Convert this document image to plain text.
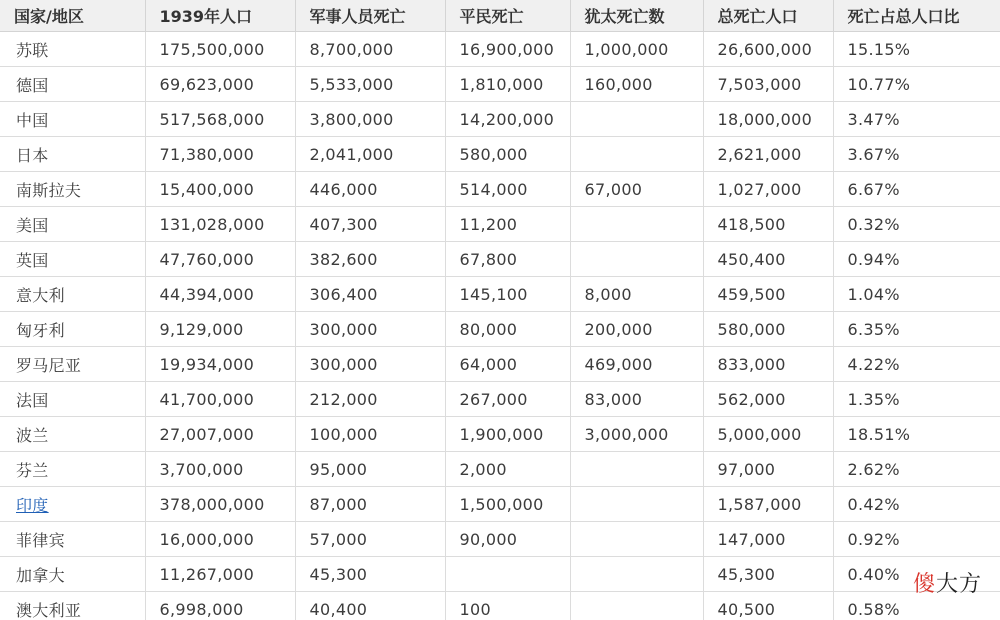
国家/地区	1939年人口	军事人员死亡	平民死亡	犹太死亡数	总死亡人口	死亡占总人口比
苏联	175,500,000	8,700,000	16,900,000	1,000,000	26,600,000	15.15%
德国	69,623,000	5,533,000	1,810,000	160,000	7,503,000	10.77%
中国	517,568,000	3,800,000	14,200,000		18,000,000	3.47%
日本	71,380,000	2,041,000	580,000		2,621,000	3.67%
南斯拉夫	15,400,000	446,000	514,000	67,000	1,027,000	6.67%
美国	131,028,000	407,300	11,200		418,500	0.32%
英国	47,760,000	382,600	67,800		450,400	0.94%
意大利	44,394,000	306,400	145,100	8,000	459,500	1.04%
匈牙利	9,129,000	300,000	80,000	200,000	580,000	6.35%
罗马尼亚	19,934,000	300,000	64,000	469,000	833,000	4.22%
法国	41,700,000	212,000	267,000	83,000	562,000	1.35%
波兰	27,007,000	100,000	1,900,000	3,000,000	5,000,000	18.51%
芬兰	3,700,000	95,000	2,000		97,000	2.62%
印度	378,000,000	87,000	1,500,000		1,587,000	0.42%
菲律宾	16,000,000	57,000	90,000		147,000	0.92%
加拿大	11,267,000	45,300			45,300	0.40%
澳大利亚	6,998,000	40,400	100		40,500	0.58%
傻大方
